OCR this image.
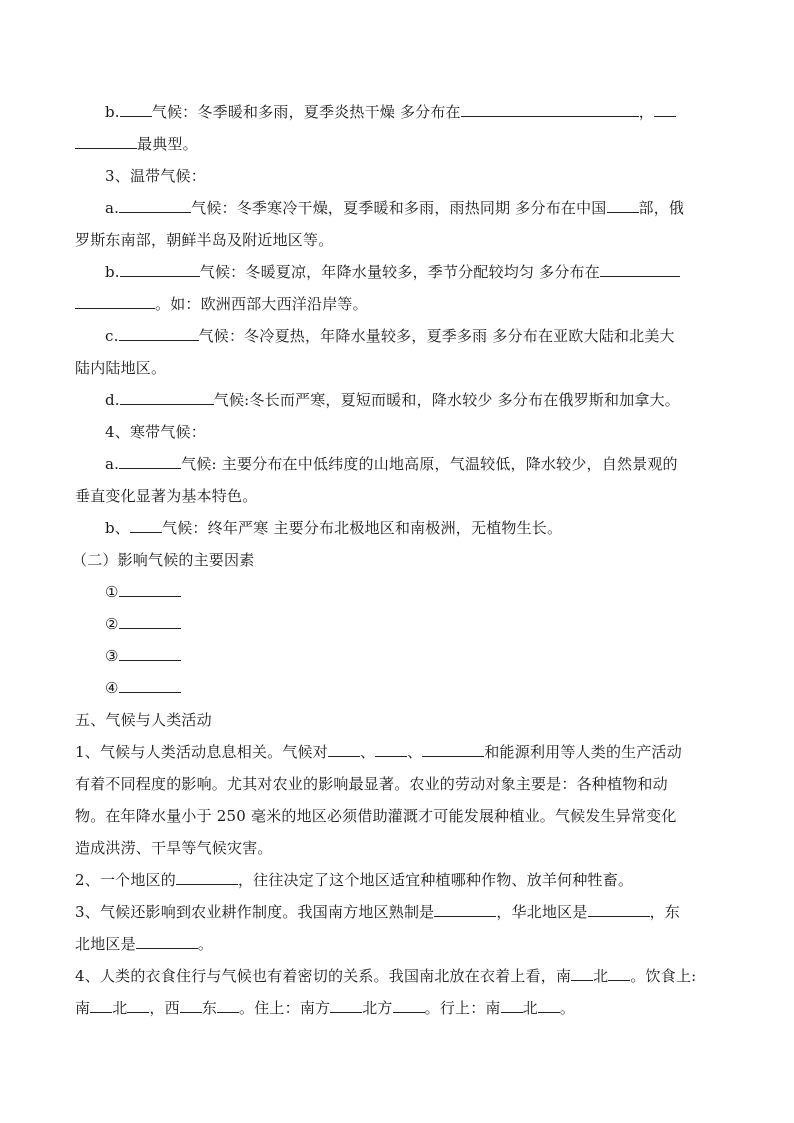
b. 气候：冬季暖和多雨，夏季炎热干燥 多分布在	，
最典型。
3、温带气候：
a.	气候：冬季寒冷干燥，夏季暖和多雨，雨热同期 多分布在中国 部，俄
罗斯东南部，朝鲜半岛及附近地区等。
b.	气候：冬暖夏凉，年降水量较多，季节分配较均匀 多分布在
。如：欧洲西部大西洋沿岸等。
c.	气候：冬冷夏热，年降水量较多，夏季多雨 多分布在亚欧大陆和北美大
陆内陆地区。
d.	气候:冬长而严寒，夏短而暖和，降水较少 多分布在俄罗斯和加拿大。
4、寒带气候：
a.	气候: 主要分布在中低纬度的山地高原，气温较低，降水较少，自然景观的
垂直变化显著为基本特色。
b、 气候：终年严寒 主要分布北极地区和南极洲，无植物生长。
（二）影响气候的主要因素
①
②
③
④
五、气候与人类活动
1、气候与人类活动息息相关。气候对 、 、	和能源利用等人类的生产活动
有着不同程度的影响。尤其对农业的影响最显著。农业的劳动对象主要是：各种植物和动
物。在年降水量小于 250 毫米的地区必须借助灌溉才可能发展种植业。气候发生异常变化
造成洪涝、干旱等气候灾害。
2、一个地区的	，往往决定了这个地区适宜种植哪种作物、放羊何种牲畜。
3、气候还影响到农业耕作制度。我国南方地区熟制是	，华北地区是	，东
北地区是	。
4、人类的衣食住行与气候也有着密切的关系。我国南北放在衣着上看，南 北 。饮食上:
南 北 ，西 东 。住上：南方 北方 。行上：南 北 。
